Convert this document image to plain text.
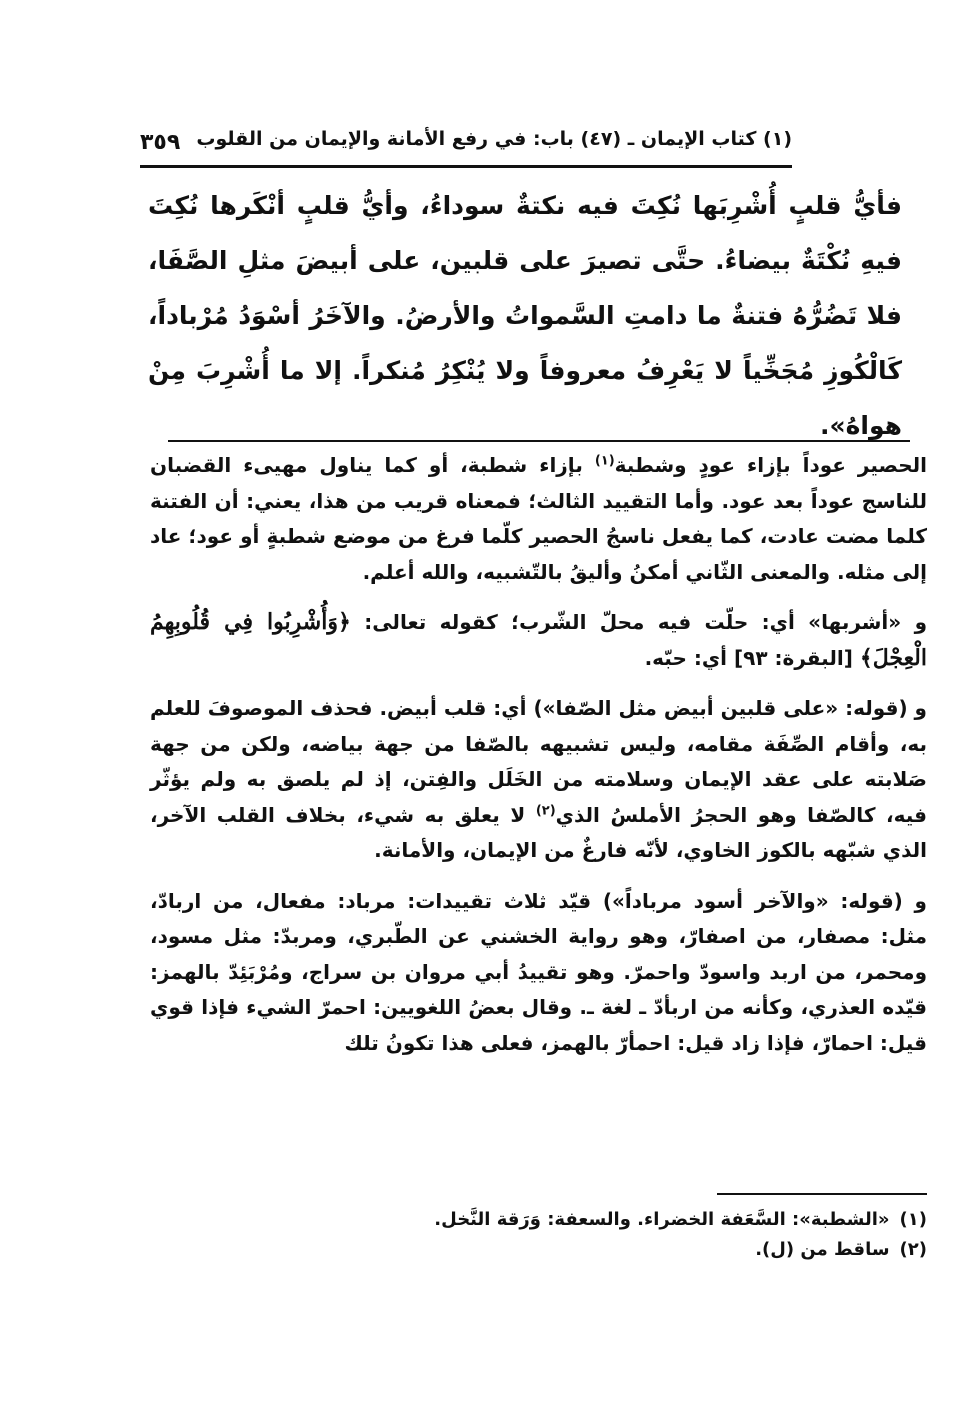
(١) كتاب الإيمان ـ (٤٧) باب: في رفع الأمانة والإيمان من القلوب
٣٥٩

فأيُّ قلبٍ أُشْرِبَها نُكِتَ فيه نكتةٌ سوداءُ، وأيُّ قلبٍ أنْكَرها نُكِتَ فيهِ نُكْتَةٌ بيضاءُ. حتَّى تصيرَ على قلبين، على أبيضَ مثلِ الصَّفَا، فلا تَضُرُّهُ فتنةٌ ما دامتِ السَّمواتُ والأرضُ. والآخَرُ أسْوَدُ مُرْباداً، كَالْكُوزِ مُجَخِّياً لا يَعْرِفُ معروفاً ولا يُنْكِرُ مُنكراً. إلا ما أُشْرِبَ مِنْ هواهُ».

الحصير عوداً بإزاء عودٍ وشطبة$^{(١)}$ بإزاء شطبة، أو كما يناول مهيىء القضبان للناسج عوداً بعد عود. وأما التقييد الثالث؛ فمعناه قريب من هذا، يعني: أن الفتنة كلما مضت عادت، كما يفعل ناسجُ الحصير كلّما فرغ من موضع شطبةٍ أو عود؛ عاد إلى مثله. والمعنى الثّاني أمكنُ وأليقُ بالتّشبيه، والله أعلم.

و «أشربها» أي: حلّت فيه محلّ الشّرب؛ كقوله تعالى: ﴿وَأُشْرِبُوا فِي قُلُوبِهِمُ الْعِجْلَ﴾ [البقرة: ٩٣] أي: حبّه.

و (قوله: «على قلبين أبيض مثل الصّفا») أي: قلب أبيض. فحذف الموصوفَ للعلم به، وأقام الصِّفَة مقامه، وليس تشبيهه بالصّفا من جهة بياضه، ولكن من جهة صَلابته على عقد الإيمان وسلامته من الخَلَل والفِتن، إذ لم يلصق به ولم يؤثّر فيه، كالصّفا وهو الحجرُ الأملسُ الذي$^{(٢)}$ لا يعلق به شيء، بخلاف القلب الآخر، الذي شبّهه بالكوز الخاوي، لأنّه فارغٌ من الإيمان، والأمانة.

و (قوله: «والآخر أسود مرباداً») قيّد ثلاث تقييدات: مرباد: مفعال، من اربادّ، مثل: مصفار، من اصفارّ، وهو رواية الخشني عن الطّبري، ومربدّ: مثل مسود، ومحمر، من اربد واسودّ واحمرّ. وهو تقييدُ أبي مروان بن سراج، ومُرْبَئِدّ بالهمز: قيّده العذري، وكأنه من اربأدّ ـ لغة ـ. وقال بعضُ اللغويين: احمرّ الشيء فإذا قوي قيل: احمارّ، فإذا زاد قيل: احمأرّ بالهمز، فعلى هذا تكونُ تلك

(١)«الشطبة»: السَّعَفة الخضراء. والسعفة: وَرَقة النَّخل.

(٢)ساقط من (ل).
